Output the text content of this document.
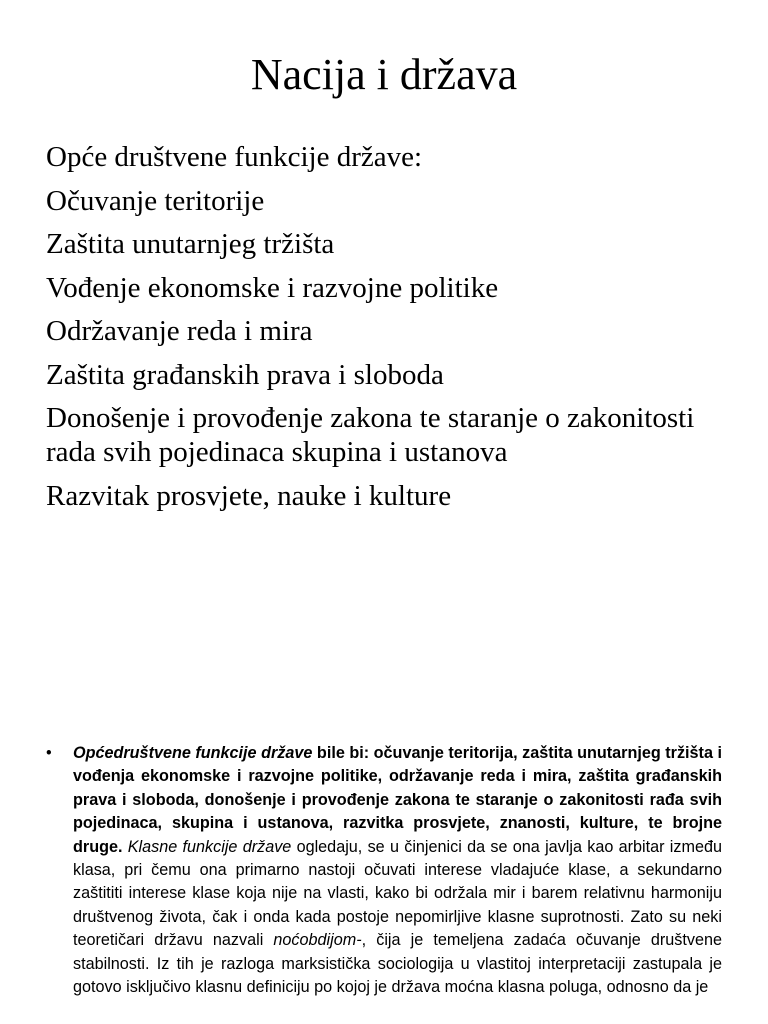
Nacija i država
Opće društvene funkcije države:
Očuvanje teritorije
Zaštita unutarnjeg tržišta
Vođenje ekonomske i razvojne politike
Održavanje reda i mira
Zaštita građanskih prava i sloboda
Donošenje i provođenje zakona te staranje o zakonitosti rada svih pojedinaca skupina i ustanova
Razvitak prosvjete, nauke i kulture
•	Općedruštvene funkcije države bile bi: očuvanje teritorija, zaštita unutarnjeg tržišta i vođenja ekonomske i razvojne politike, održavanje reda i mira, zaštita građanskih prava i sloboda, donošenje i provođenje zakona te staranje o zakonitosti rađa svih pojedinaca, skupina i ustanova, razvitka prosvjete, znanosti, kulture, te brojne druge. Klasne funkcije države ogledaju, se u činjenici da se ona javlja kao arbitar između klasa, pri čemu ona primarno nastoji očuvati interese vladajuće klase, a sekundarno zaštititi interese klase koja nije na vlasti, kako bi održala mir i barem relativnu harmoniju društvenog života, čak i onda kada postoje nepomirljive klasne suprotnosti. Zato su neki teoretičari državu nazvali noćobdijom-, čija je temeljena zadaća očuvanje društvene stabilnosti. Iz tih je razloga marksistička sociologija u vlastitoj interpretaciji zastupala je gotovo isključivo klasnu definiciju po kojoj je država moćna klasna poluga, odnosno da je
